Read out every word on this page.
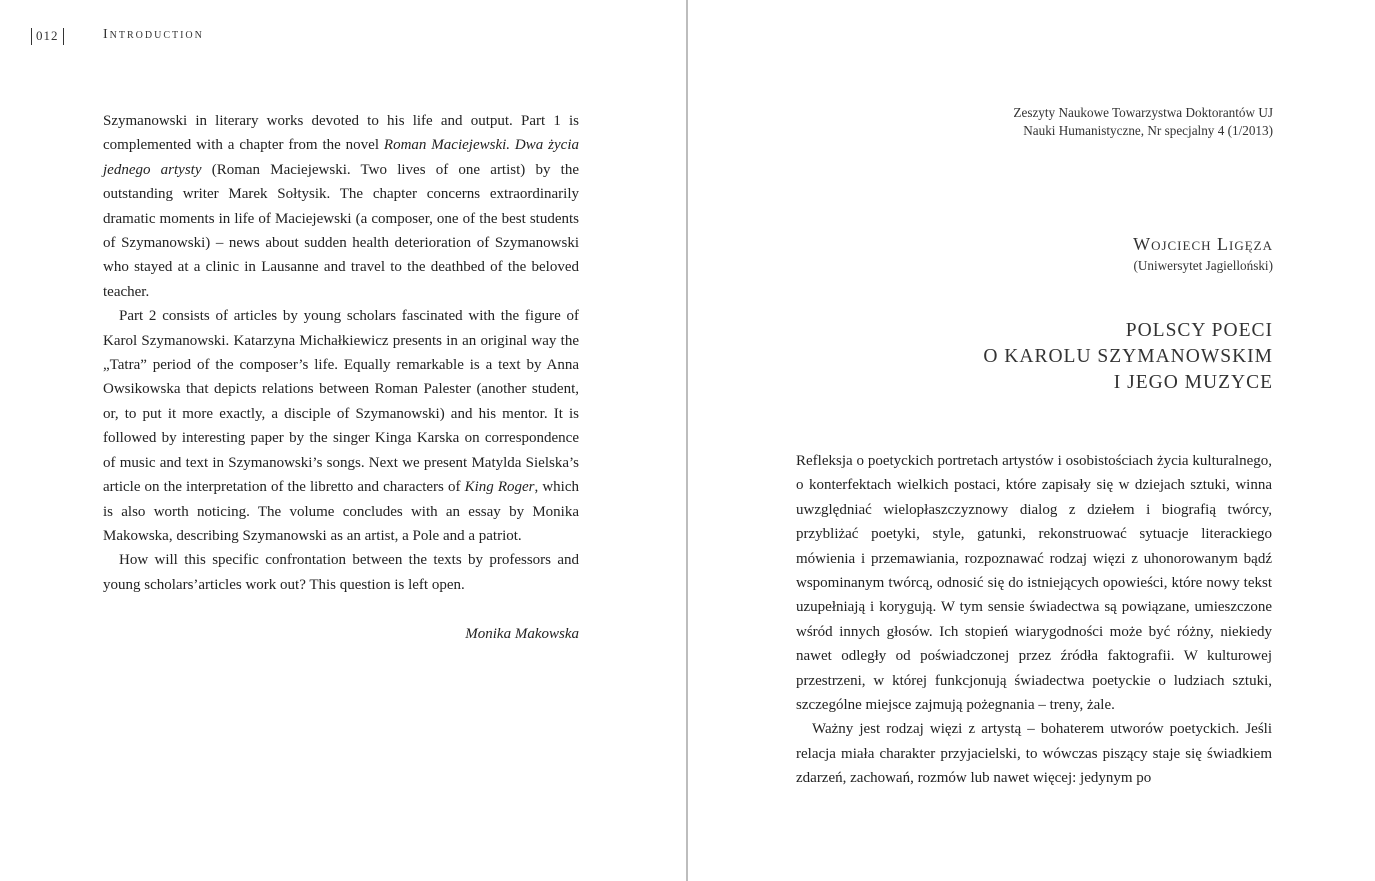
012	Introduction

Szymanowski in literary works devoted to his life and output. Part 1 is complemented with a chapter from the novel Roman Maciejewski. Dwa życia jednego artysty (Roman Maciejewski. Two lives of one artist) by the outstanding writer Marek Sołtysik. The chapter concerns extraordinarily dramatic moments in life of Maciejewski (a composer, one of the best students of Szymanowski) – news about sudden health deterioration of Szymanowski who stayed at a clinic in Lausanne and travel to the deathbed of the beloved teacher.

Part 2 consists of articles by young scholars fascinated with the figure of Karol Szymanowski. Katarzyna Michałkiewicz presents in an original way the „Tatra” period of the composer’s life. Equally remarkable is a text by Anna Owsikowska that depicts relations between Roman Palester (another student, or, to put it more exactly, a disciple of Szymanowski) and his mentor. It is followed by interesting paper by the singer Kinga Karska on correspondence of music and text in Szymanowski’s songs. Next we present Matylda Sielska’s article on the interpretation of the libretto and characters of King Roger, which is also worth noticing. The volume concludes with an essay by Monika Makowska, describing Szymanowski as an artist, a Pole and a patriot.

How will this specific confrontation between the texts by professors and young scholars’articles work out? This question is left open.

Monika Makowska
Zeszyty Naukowe Towarzystwa Doktorantów UJ
Nauki Humanistyczne, Nr specjalny 4 (1/2013)
Wojciech Ligęza
(Uniwersytet Jagielloński)
POLSCY POECI
O KAROLU SZYMANOWSKIM
I JEGO MUZYCE

Refleksja o poetyckich portretach artystów i osobistościach życia kulturalnego, o konterfektach wielkich postaci, które zapisały się w dziejach sztuki, winna uwzględniać wielopłaszczyznowy dialog z dziełem i biografią twórcy, przybliżać poetyki, style, gatunki, rekonstruować sytuacje literackiego mówienia i przemawiania, rozpoznawać rodzaj więzi z uhonorowanym bądź wspominanym twórcą, odnosić się do istniejących opowieści, które nowy tekst uzupełniają i korygują. W tym sensie świadectwa są powiązane, umieszczone wśród innych głosów. Ich stopień wiarygodności może być różny, niekiedy nawet odległy od poświadczonej przez źródła faktografii. W kulturowej przestrzeni, w której funkcjonują świadectwa poetyckie o ludziach sztuki, szczególne miejsce zajmują pożegnania – treny, żale.

Ważny jest rodzaj więzi z artystą – bohaterem utworów poetyckich. Jeśli relacja miała charakter przyjacielski, to wówczas piszący staje się świadkiem zdarzeń, zachowań, rozmów lub nawet więcej: jedynym po
